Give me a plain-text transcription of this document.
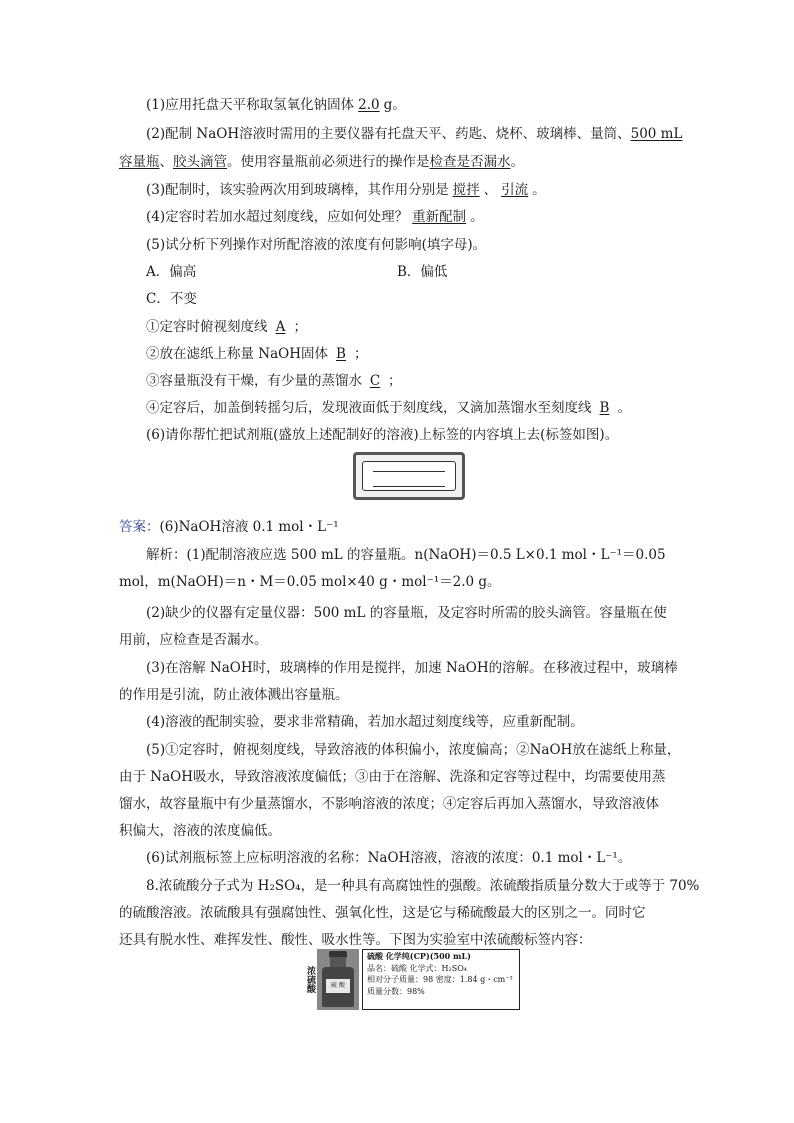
(1)应用托盘天平称取氢氧化钠固体 2.0 g。
(2)配制 NaOH溶液时需用的主要仪器有托盘天平、药匙、烧杯、玻璃棒、量筒、500 mL
容量瓶、胶头滴管。使用容量瓶前必须进行的操作是检查是否漏水。
(3)配制时，该实验两次用到玻璃棒，其作用分别是 搅拌 、 引流 。
(4)定容时若加水超过刻度线，应如何处理？ 重新配制 。
(5)试分析下列操作对所配溶液的浓度有何影响(填字母)。
A．偏高	B．偏低
C．不变
①定容时俯视刻度线 A ；
②放在滤纸上称量 NaOH固体 B ；
③容量瓶没有干燥，有少量的蒸馏水 C ；
④定容后，加盖倒转摇匀后，发现液面低于刻度线，又滴加蒸馏水至刻度线 B 。
(6)请你帮忙把试剂瓶(盛放上述配制好的溶液)上标签的内容填上去(标签如图)。
答案：(6)NaOH溶液 0.1 mol・L⁻¹
解析：(1)配制溶液应选 500 mL 的容量瓶。n(NaOH)＝0.5 L×0.1 mol・L⁻¹＝0.05
mol，m(NaOH)＝n・M＝0.05 mol×40 g・mol⁻¹＝2.0 g。
(2)缺少的仪器有定量仪器：500 mL 的容量瓶，及定容时所需的胶头滴管。容量瓶在使
用前，应检查是否漏水。
(3)在溶解 NaOH时，玻璃棒的作用是搅拌，加速 NaOH的溶解。在移液过程中，玻璃棒
的作用是引流，防止液体溅出容量瓶。
(4)溶液的配制实验，要求非常精确，若加水超过刻度线等，应重新配制。
(5)①定容时，俯视刻度线，导致溶液的体积偏小，浓度偏高；②NaOH放在滤纸上称量，
由于 NaOH吸水，导致溶液浓度偏低；③由于在溶解、洗涤和定容等过程中，均需要使用蒸
馏水，故容量瓶中有少量蒸馏水，不影响溶液的浓度；④定容后再加入蒸馏水，导致溶液体
积偏大，溶液的浓度偏低。
(6)试剂瓶标签上应标明溶液的名称：NaOH溶液，溶液的浓度：0.1 mol・L⁻¹。
8.浓硫酸分子式为 H₂SO₄，是一种具有高腐蚀性的强酸。浓硫酸指质量分数大于或等于 70%
的硫酸溶液。浓硫酸具有强腐蚀性、强氧化性，这是它与稀硫酸最大的区别之一。同时它
还具有脱水性、难挥发性、酸性、吸水性等。下图为实验室中浓硫酸标签内容：
浓硫酸	硫 酸
硫酸 化学纯(CP)(500 mL)
品名：硫酸 化学式：H₂SO₄
相对分子质量：98 密度：1.84 g・cm⁻³
质量分数：98%
